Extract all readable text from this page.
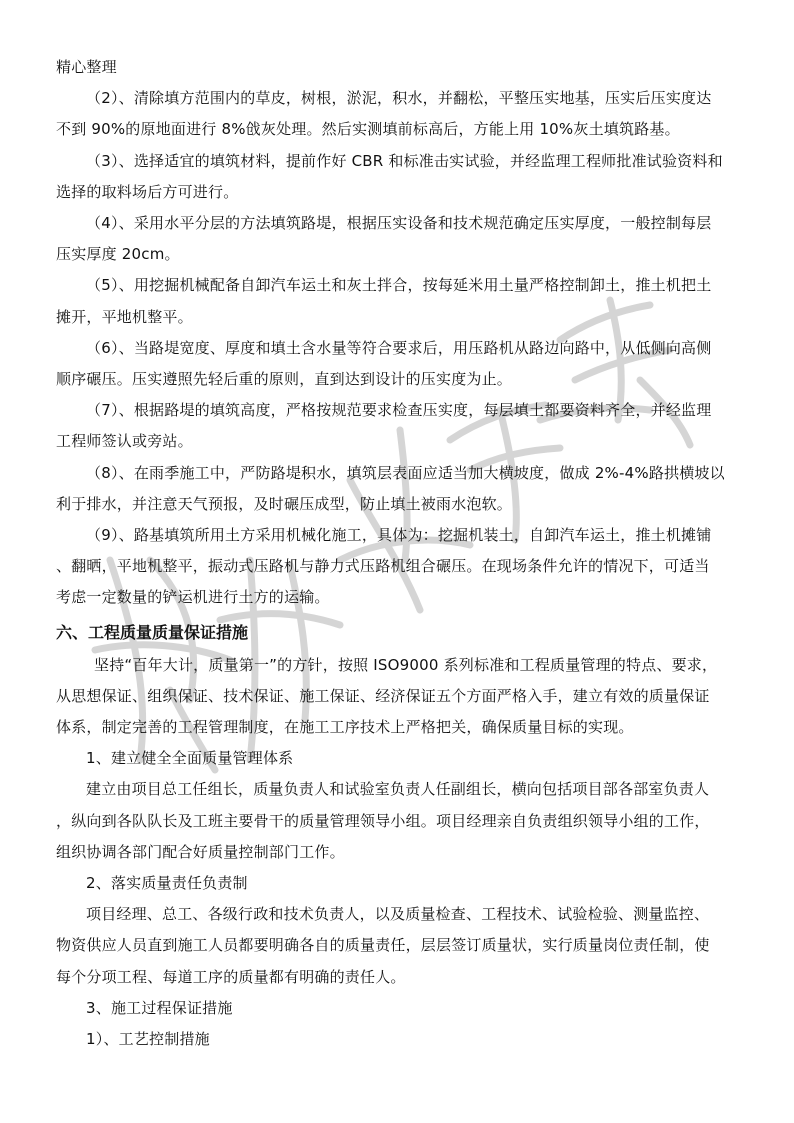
精心整理
（2）、清除填方范围内的草皮，树根，淤泥，积水，并翻松，平整压实地基，压实后压实度达
不到 90%的原地面进行 8%戗灰处理。然后实测填前标高后，方能上用 10%灰土填筑路基。
（3）、选择适宜的填筑材料，提前作好 CBR 和标准击实试验，并经监理工程师批准试验资料和
选择的取料场后方可进行。
（4）、采用水平分层的方法填筑路堤，根据压实设备和技术规范确定压实厚度，一般控制每层
压实厚度 20cm。
（5）、用挖掘机械配备自卸汽车运土和灰土拌合，按每延米用土量严格控制卸土，推土机把土
摊开，平地机整平。
（6）、当路堤宽度、厚度和填土含水量等符合要求后，用压路机从路边向路中，从低侧向高侧
顺序碾压。压实遵照先轻后重的原则，直到达到设计的压实度为止。
（7）、根据路堤的填筑高度，严格按规范要求检查压实度，每层填土都要资料齐全，并经监理
工程师签认或旁站。
（8）、在雨季施工中，严防路堤积水，填筑层表面应适当加大横坡度，做成 2%-4%路拱横坡以
利于排水，并注意天气预报，及时碾压成型，防止填土被雨水泡软。
（9）、路基填筑所用土方采用机械化施工，具体为：挖掘机装土，自卸汽车运土，推土机摊铺
、翻晒，平地机整平，振动式压路机与静力式压路机组合碾压。在现场条件允许的情况下，可适当
考虑一定数量的铲运机进行土方的运输。
六、工程质量质量保证措施
坚持“百年大计，质量第一”的方针，按照 ISO9000 系列标准和工程质量管理的特点、要求，
从思想保证、组织保证、技术保证、施工保证、经济保证五个方面严格入手，建立有效的质量保证
体系，制定完善的工程管理制度，在施工工序技术上严格把关，确保质量目标的实现。
1、建立健全全面质量管理体系
建立由项目总工任组长，质量负责人和试验室负责人任副组长，横向包括项目部各部室负责人
，纵向到各队队长及工班主要骨干的质量管理领导小组。项目经理亲自负责组织领导小组的工作，
组织协调各部门配合好质量控制部门工作。
2、落实质量责任负责制
项目经理、总工、各级行政和技术负责人，以及质量检查、工程技术、试验检验、测量监控、
物资供应人员直到施工人员都要明确各自的质量责任，层层签订质量状，实行质量岗位责任制，使
每个分项工程、每道工序的质量都有明确的责任人。
3、施工过程保证措施
1）、工艺控制措施
